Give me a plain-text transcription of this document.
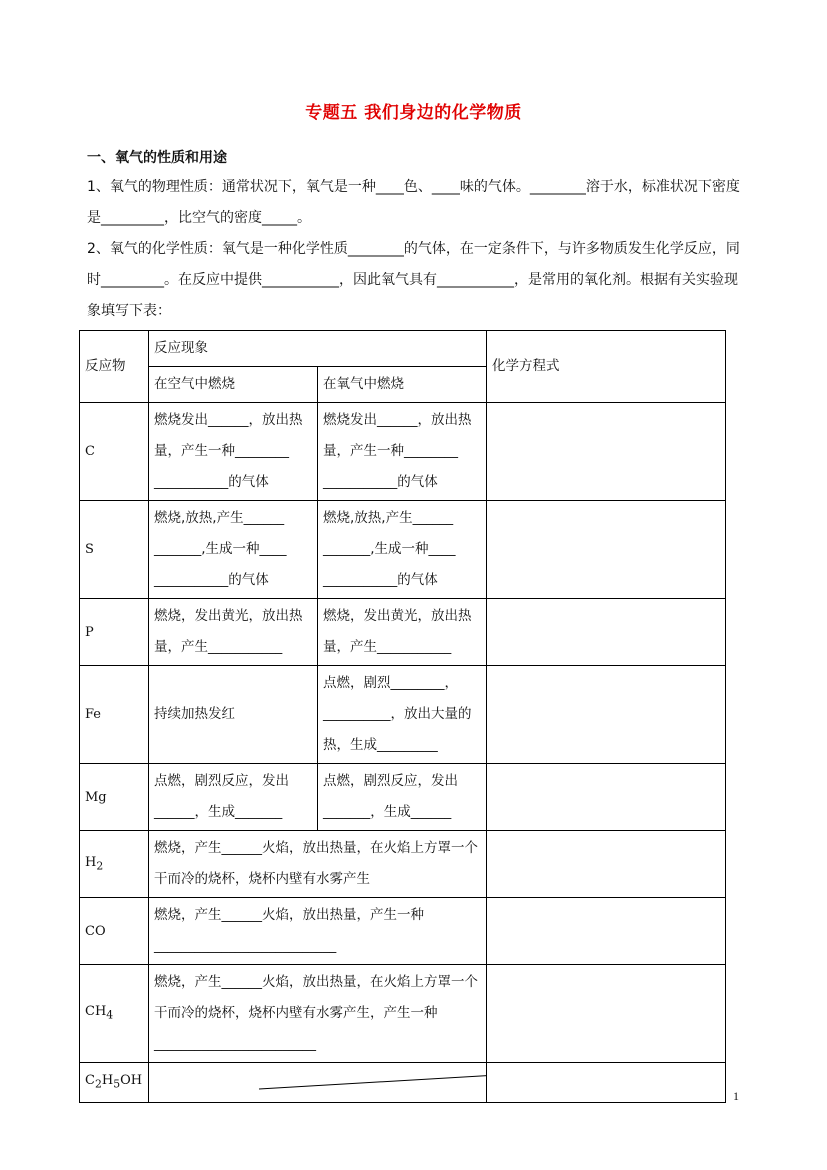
专题五 我们身边的化学物质
一、氧气的性质和用途
1、氧气的物理性质：通常状况下，氧气是一种____色、____味的气体。________溶于水，标准状况下密度是_________，比空气的密度_____。
2、氧气的化学性质：氧气是一种化学性质________的气体，在一定条件下，与许多物质发生化学反应，同时_________。在反应中提供___________，因此氧气具有___________，是常用的氧化剂。根据有关实验现象填写下表：
反应物	反应现象		化学方程式
	在空气中燃烧	在氧气中燃烧	
C	燃烧发出______，放出热量，产生一种________ ___________的气体	燃烧发出______，放出热量，产生一种________ ___________的气体	
S	燃烧,放热,产生______ _______,生成一种____ ___________的气体	燃烧,放热,产生______ _______,生成一种____ ___________的气体	
P	燃烧，发出黄光，放出热量，产生___________	燃烧，发出黄光，放出热量，产生___________	
Fe	持续加热发红	点燃，剧烈________，__________，放出大量的热，生成_________	
Mg	点燃，剧烈反应，发出______，生成_______	点燃，剧烈反应，发出_______，生成______	
$H_2$	燃烧，产生______火焰，放出热量，在火焰上方罩一个干而冷的烧杯，烧杯内壁有水雾产生		
CO	燃烧，产生______火焰，放出热量，产生一种___________________________		
$CH_4$	燃烧，产生______火焰，放出热量，在火焰上方罩一个干而冷的烧杯，烧杯内壁有水雾产生，产生一种________________________		
$C_2H_5OH$	

1
